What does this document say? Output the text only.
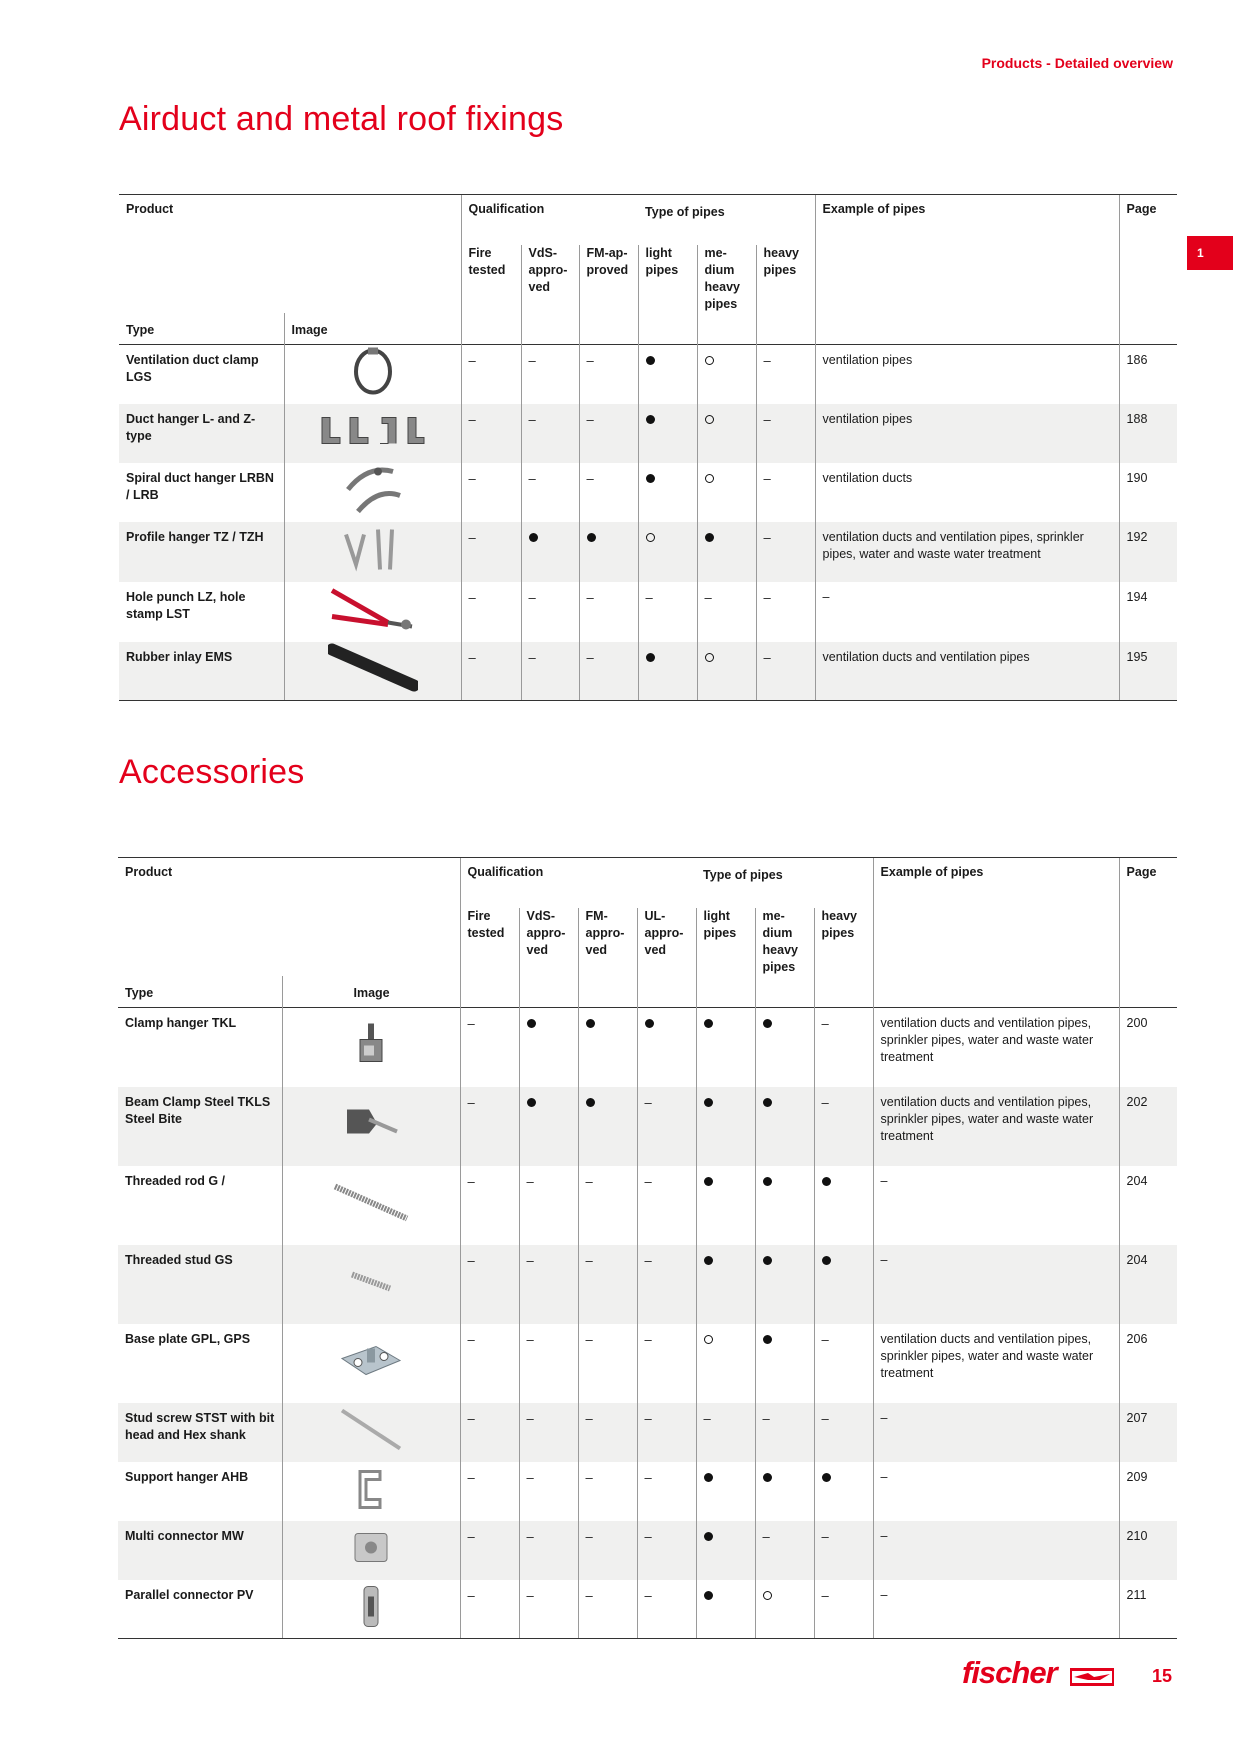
Products - Detailed overview
1
Airduct and metal roof fixings
Product		Qualification			Type of pipes			Example of pipes	Page
		Fire tested	VdS- appro- ved	FM-ap- proved	light pipes	me- dium heavy pipes	heavy pipes		
Type	Image								
Ventilation duct clamp LGS		–	–	–			–	ventilation pipes	186
Duct hanger L- and Z-type		–	–	–			–	ventilation pipes	188
Spiral duct hanger LRBN / LRB		–	–	–			–	ventilation ducts	190
Profile hanger TZ / TZH		–					–	ventilation ducts and ventilation pipes, sprinkler pipes, water and waste water treatment	192
Hole punch LZ, hole stamp LST		–	–	–	–	–	–	–	194
Rubber inlay EMS		–	–	–			–	ventilation ducts and ventilation pipes	195
Accessories
Product		Qualification				Type of pipes			Example of pipes	Page
		Fire tested	VdS- appro- ved	FM- appro- ved	UL- appro- ved	light pipes	me- dium heavy pipes	heavy pipes		
Type	Image									
Clamp hanger TKL		–						–	ventilation ducts and ventilation pipes, sprinkler pipes, water and waste water treatment	200
Beam Clamp Steel TKLS Steel Bite		–			–			–	ventilation ducts and ventilation pipes, sprinkler pipes, water and waste water treatment	202
Threaded rod G /		–	–	–	–				–	204
Threaded stud GS		–	–	–	–				–	204
Base plate GPL, GPS		–	–	–	–			–	ventilation ducts and ventilation pipes, sprinkler pipes, water and waste water treatment	206
Stud screw STST with bit head and Hex shank		–	–	–	–	–	–	–	–	207
Support hanger AHB		–	–	–	–				–	209
Multi connector MW		–	–	–	–		–	–	–	210
Parallel connector PV		–	–	–	–			–	–	211
fischer	15
